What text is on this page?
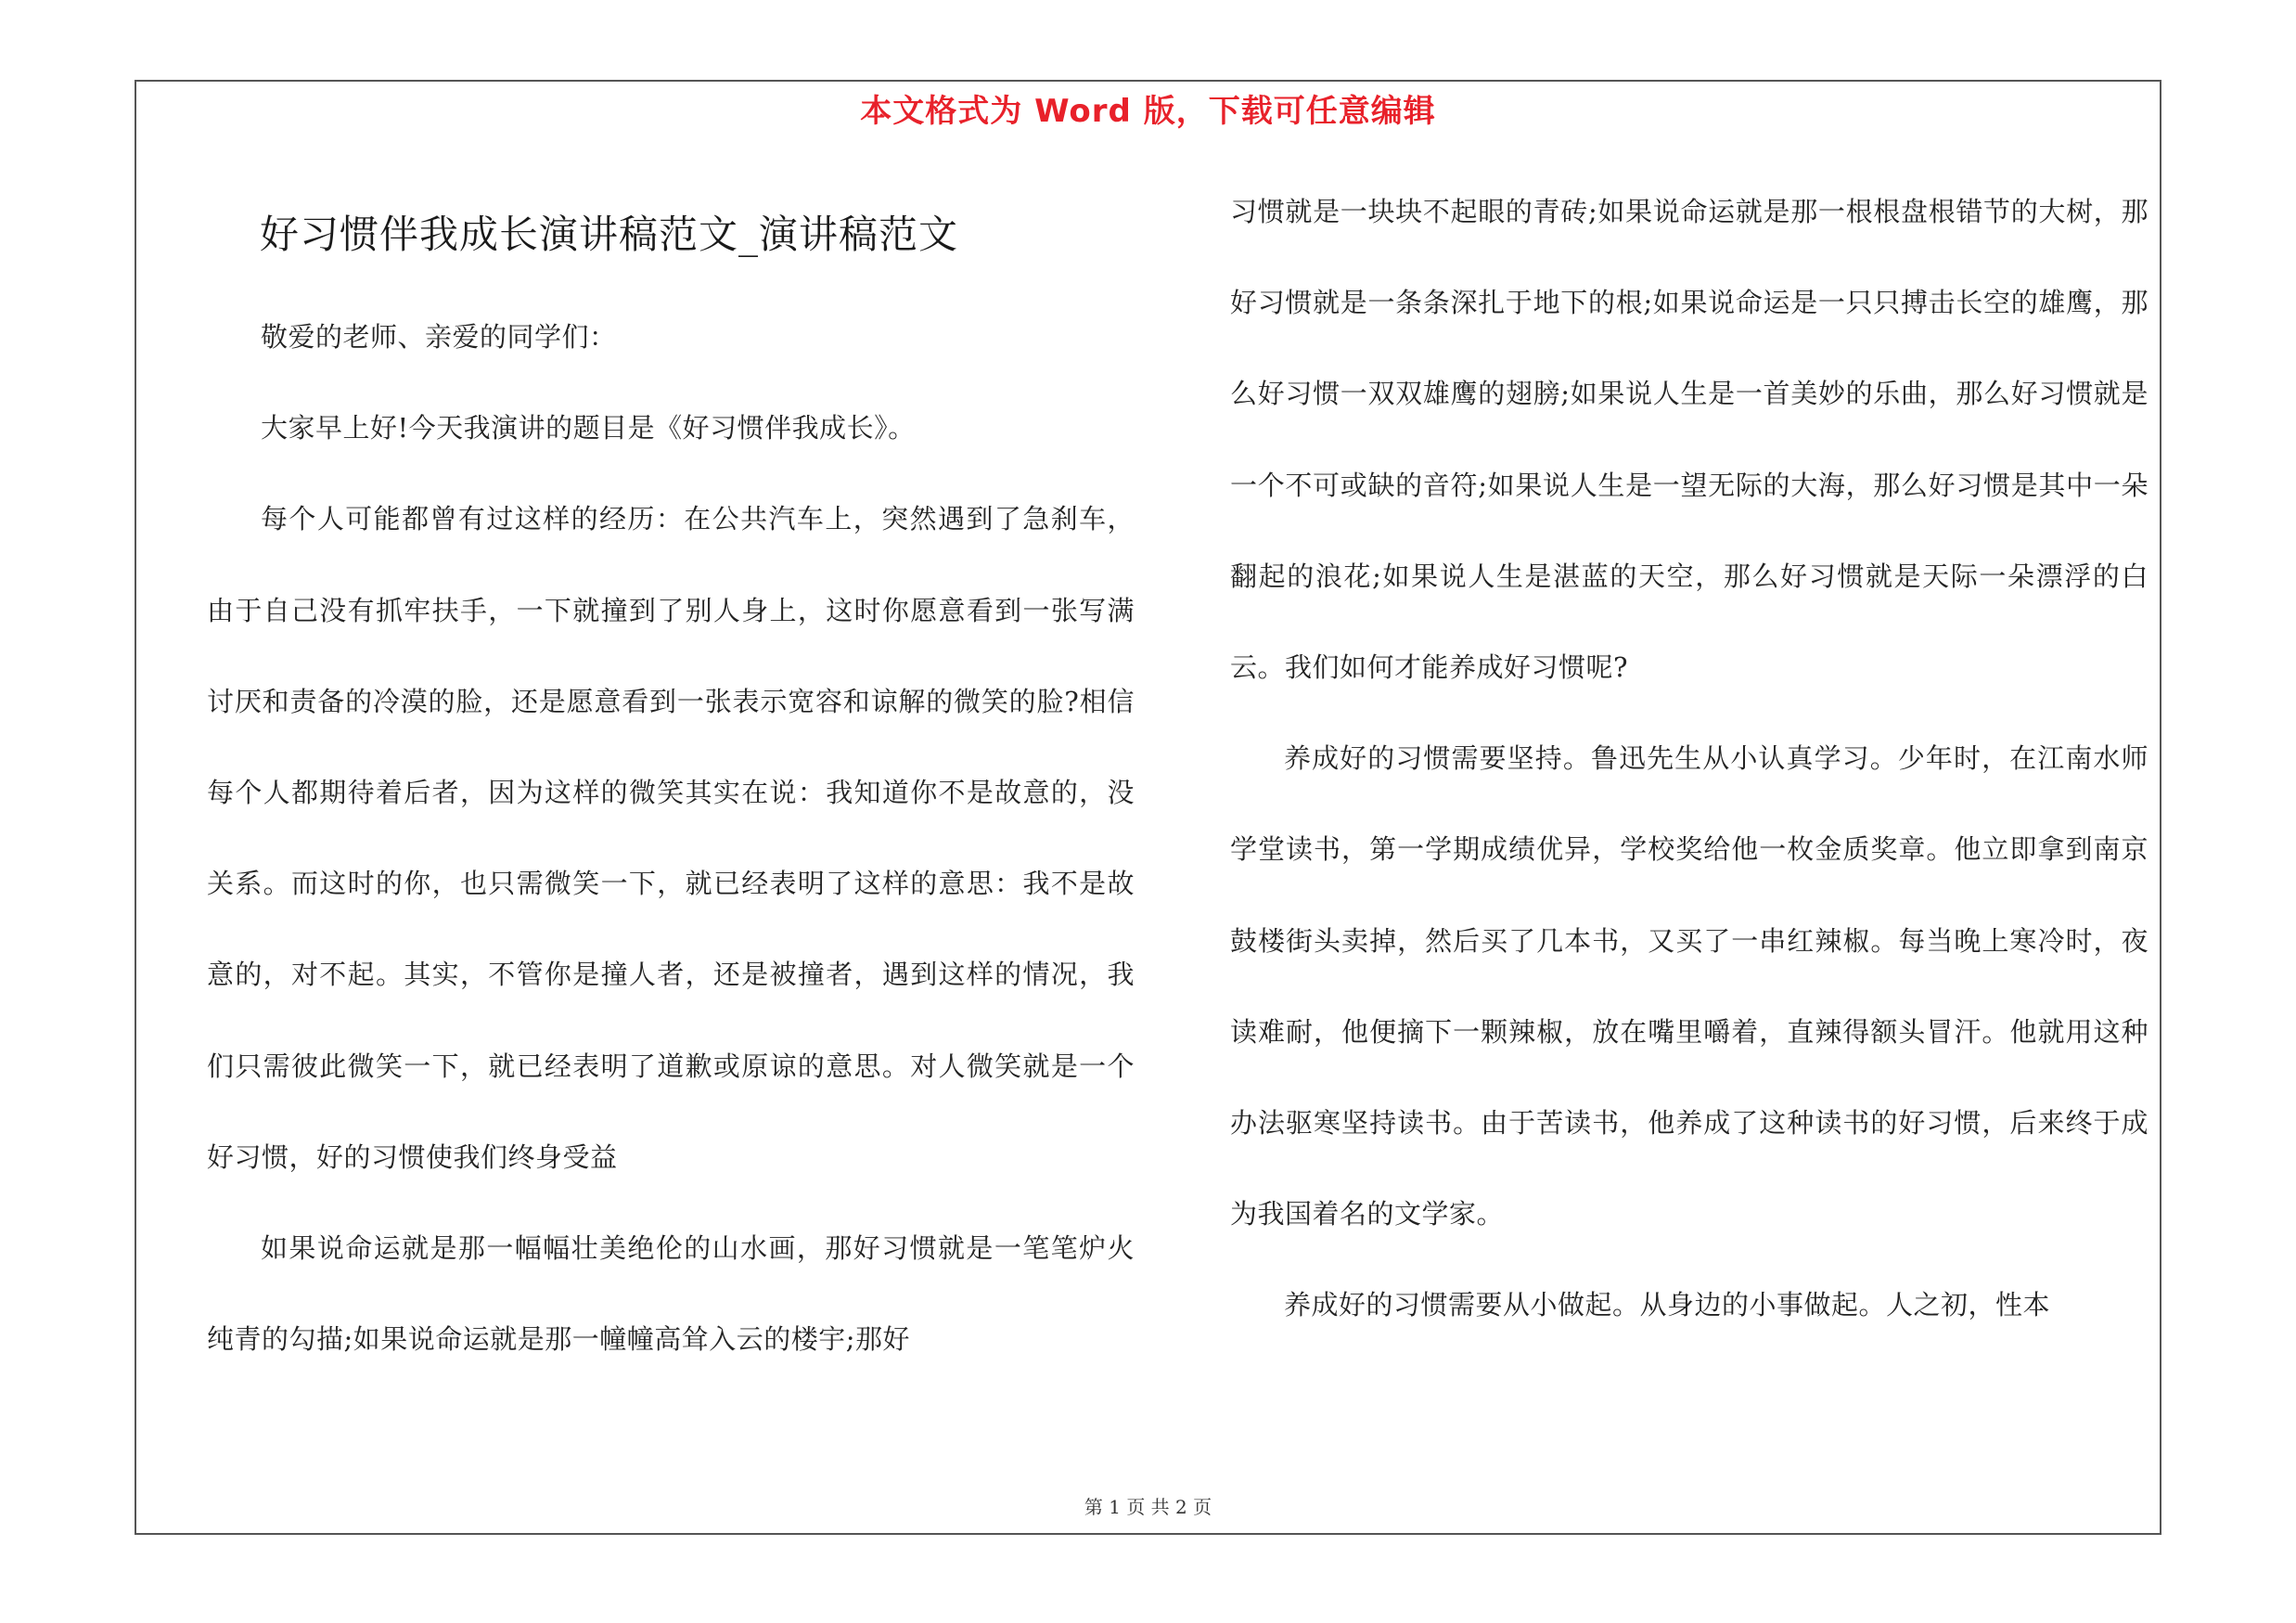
本文格式为 Word 版，下载可任意编辑
好习惯伴我成长演讲稿范文_演讲稿范文

敬爱的老师、亲爱的同学们：

大家早上好!今天我演讲的题目是《好习惯伴我成长》。

每个人可能都曾有过这样的经历：在公共汽车上，突然遇到了急刹车，由于自己没有抓牢扶手，一下就撞到了别人身上，这时你愿意看到一张写满讨厌和责备的冷漠的脸，还是愿意看到一张表示宽容和谅解的微笑的脸?相信每个人都期待着后者，因为这样的微笑其实在说：我知道你不是故意的，没关系。而这时的你，也只需微笑一下，就已经表明了这样的意思：我不是故意的，对不起。其实，不管你是撞人者，还是被撞者，遇到这样的情况，我们只需彼此微笑一下，就已经表明了道歉或原谅的意思。对人微笑就是一个好习惯，好的习惯使我们终身受益

如果说命运就是那一幅幅壮美绝伦的山水画，那好习惯就是一笔笔炉火纯青的勾描;如果说命运就是那一幢幢高耸入云的楼宇;那好

习惯就是一块块不起眼的青砖;如果说命运就是那一根根盘根错节的大树，那好习惯就是一条条深扎于地下的根;如果说命运是一只只搏击长空的雄鹰，那么好习惯一双双雄鹰的翅膀;如果说人生是一首美妙的乐曲，那么好习惯就是一个不可或缺的音符;如果说人生是一望无际的大海，那么好习惯是其中一朵翻起的浪花;如果说人生是湛蓝的天空，那么好习惯就是天际一朵漂浮的白云。我们如何才能养成好习惯呢?

养成好的习惯需要坚持。鲁迅先生从小认真学习。少年时，在江南水师学堂读书，第一学期成绩优异，学校奖给他一枚金质奖章。他立即拿到南京鼓楼街头卖掉，然后买了几本书，又买了一串红辣椒。每当晚上寒冷时，夜读难耐，他便摘下一颗辣椒，放在嘴里嚼着，直辣得额头冒汗。他就用这种办法驱寒坚持读书。由于苦读书，他养成了这种读书的好习惯，后来终于成为我国着名的文学家。

养成好的习惯需要从小做起。从身边的小事做起。人之初，性本

第 1 页 共 2 页
